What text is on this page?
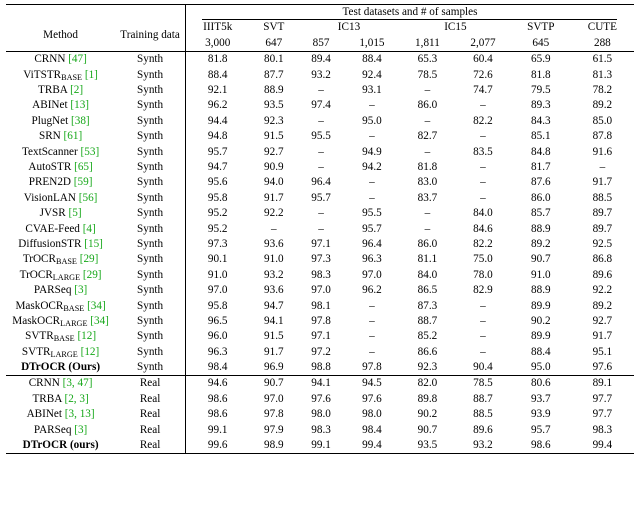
		Test datasets and # of samples							
Method	Training data	IIIT5k	SVT	IC13		IC15		SVTP	CUTE
		3,000	647	857	1,015	1,811	2,077	645	288
CRNN [47]	Synth	81.8	80.1	89.4	88.4	65.3	60.4	65.9	61.5
ViTSTRBASE [1]	Synth	88.4	87.7	93.2	92.4	78.5	72.6	81.8	81.3
TRBA [2]	Synth	92.1	88.9	–	93.1	–	74.7	79.5	78.2
ABINet [13]	Synth	96.2	93.5	97.4	–	86.0	–	89.3	89.2
PlugNet [38]	Synth	94.4	92.3	–	95.0	–	82.2	84.3	85.0
SRN [61]	Synth	94.8	91.5	95.5	–	82.7	–	85.1	87.8
TextScanner [53]	Synth	95.7	92.7	–	94.9	–	83.5	84.8	91.6
AutoSTR [65]	Synth	94.7	90.9	–	94.2	81.8	–	81.7	–
PREN2D [59]	Synth	95.6	94.0	96.4	–	83.0	–	87.6	91.7
VisionLAN [56]	Synth	95.8	91.7	95.7	–	83.7	–	86.0	88.5
JVSR [5]	Synth	95.2	92.2	–	95.5	–	84.0	85.7	89.7
CVAE-Feed [4]	Synth	95.2	–	–	95.7	–	84.6	88.9	89.7
DiffusionSTR [15]	Synth	97.3	93.6	97.1	96.4	86.0	82.2	89.2	92.5
TrOCRBASE [29]	Synth	90.1	91.0	97.3	96.3	81.1	75.0	90.7	86.8
TrOCRLARGE [29]	Synth	91.0	93.2	98.3	97.0	84.0	78.0	91.0	89.6
PARSeq [3]	Synth	97.0	93.6	97.0	96.2	86.5	82.9	88.9	92.2
MaskOCRBASE [34]	Synth	95.8	94.7	98.1	–	87.3	–	89.9	89.2
MaskOCRLARGE [34]	Synth	96.5	94.1	97.8	–	88.7	–	90.2	92.7
SVTRBASE [12]	Synth	96.0	91.5	97.1	–	85.2	–	89.9	91.7
SVTRLARGE [12]	Synth	96.3	91.7	97.2	–	86.6	–	88.4	95.1
DTrOCR (Ours)	Synth	98.4	96.9	98.8	97.8	92.3	90.4	95.0	97.6
CRNN [3, 47]	Real	94.6	90.7	94.1	94.5	82.0	78.5	80.6	89.1
TRBA [2, 3]	Real	98.6	97.0	97.6	97.6	89.8	88.7	93.7	97.7
ABINet [3, 13]	Real	98.6	97.8	98.0	98.0	90.2	88.5	93.9	97.7
PARSeq [3]	Real	99.1	97.9	98.3	98.4	90.7	89.6	95.7	98.3
DTrOCR (ours)	Real	99.6	98.9	99.1	99.4	93.5	93.2	98.6	99.4
